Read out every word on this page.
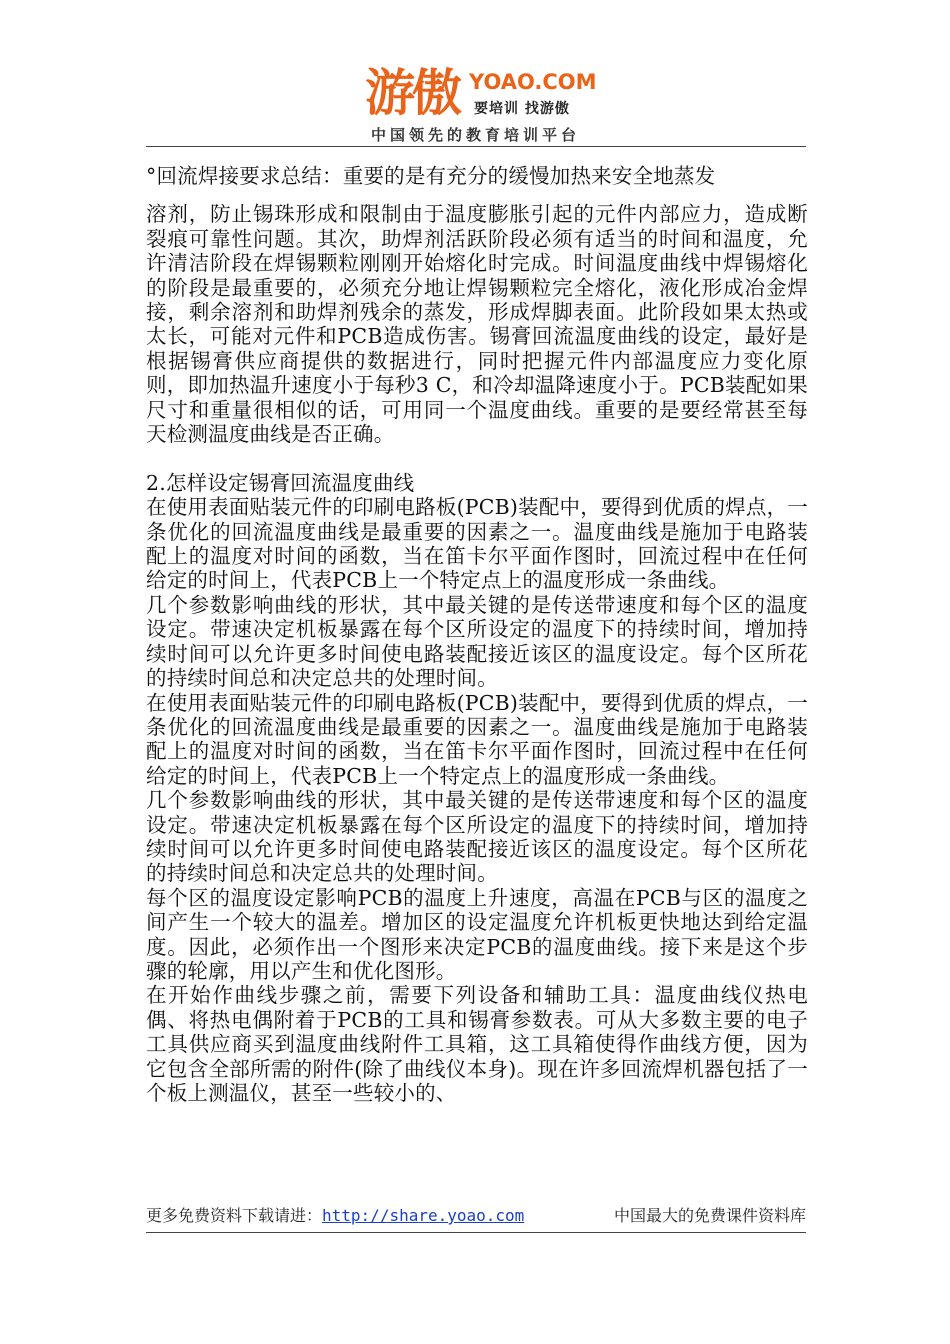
游傲 YOAO.COM
要培训 找游傲
中国领先的教育培训平台

°回流焊接要求总结：重要的是有充分的缓慢加热来安全地蒸发

溶剂，防止锡珠形成和限制由于温度膨胀引起的元件内部应力，造成断裂痕可靠性问题。其次，助焊剂活跃阶段必须有适当的时间和温度，允许清洁阶段在焊锡颗粒刚刚开始熔化时完成。时间温度曲线中焊锡熔化的阶段是最重要的，必须充分地让焊锡颗粒完全熔化，液化形成冶金焊接，剩余溶剂和助焊剂残余的蒸发，形成焊脚表面。此阶段如果太热或太长，可能对元件和PCB造成伤害。锡膏回流温度曲线的设定，最好是根据锡膏供应商提供的数据进行，同时把握元件内部温度应力变化原则，即加热温升速度小于每秒3 C，和冷却温降速度小于。PCB装配如果尺寸和重量很相似的话，可用同一个温度曲线。重要的是要经常甚至每天检测温度曲线是否正确。

2.怎样设定锡膏回流温度曲线

在使用表面贴装元件的印刷电路板(PCB)装配中，要得到优质的焊点，一条优化的回流温度曲线是最重要的因素之一。温度曲线是施加于电路装配上的温度对时间的函数，当在笛卡尔平面作图时，回流过程中在任何给定的时间上，代表PCB上一个特定点上的温度形成一条曲线。

几个参数影响曲线的形状，其中最关键的是传送带速度和每个区的温度设定。带速决定机板暴露在每个区所设定的温度下的持续时间，增加持续时间可以允许更多时间使电路装配接近该区的温度设定。每个区所花的持续时间总和决定总共的处理时间。

在使用表面贴装元件的印刷电路板(PCB)装配中，要得到优质的焊点，一条优化的回流温度曲线是最重要的因素之一。温度曲线是施加于电路装配上的温度对时间的函数，当在笛卡尔平面作图时，回流过程中在任何给定的时间上，代表PCB上一个特定点上的温度形成一条曲线。

几个参数影响曲线的形状，其中最关键的是传送带速度和每个区的温度设定。带速决定机板暴露在每个区所设定的温度下的持续时间，增加持续时间可以允许更多时间使电路装配接近该区的温度设定。每个区所花的持续时间总和决定总共的处理时间。

每个区的温度设定影响PCB的温度上升速度，高温在PCB与区的温度之间产生一个较大的温差。增加区的设定温度允许机板更快地达到给定温度。因此，必须作出一个图形来决定PCB的温度曲线。接下来是这个步骤的轮廓，用以产生和优化图形。

在开始作曲线步骤之前，需要下列设备和辅助工具：温度曲线仪热电偶、将热电偶附着于PCB的工具和锡膏参数表。可从大多数主要的电子工具供应商买到温度曲线附件工具箱，这工具箱使得作曲线方便，因为它包含全部所需的附件(除了曲线仪本身)。现在许多回流焊机器包括了一个板上测温仪，甚至一些较小的、

更多免费资料下载请进：http://share.yoao.com	中国最大的免费课件资料库
